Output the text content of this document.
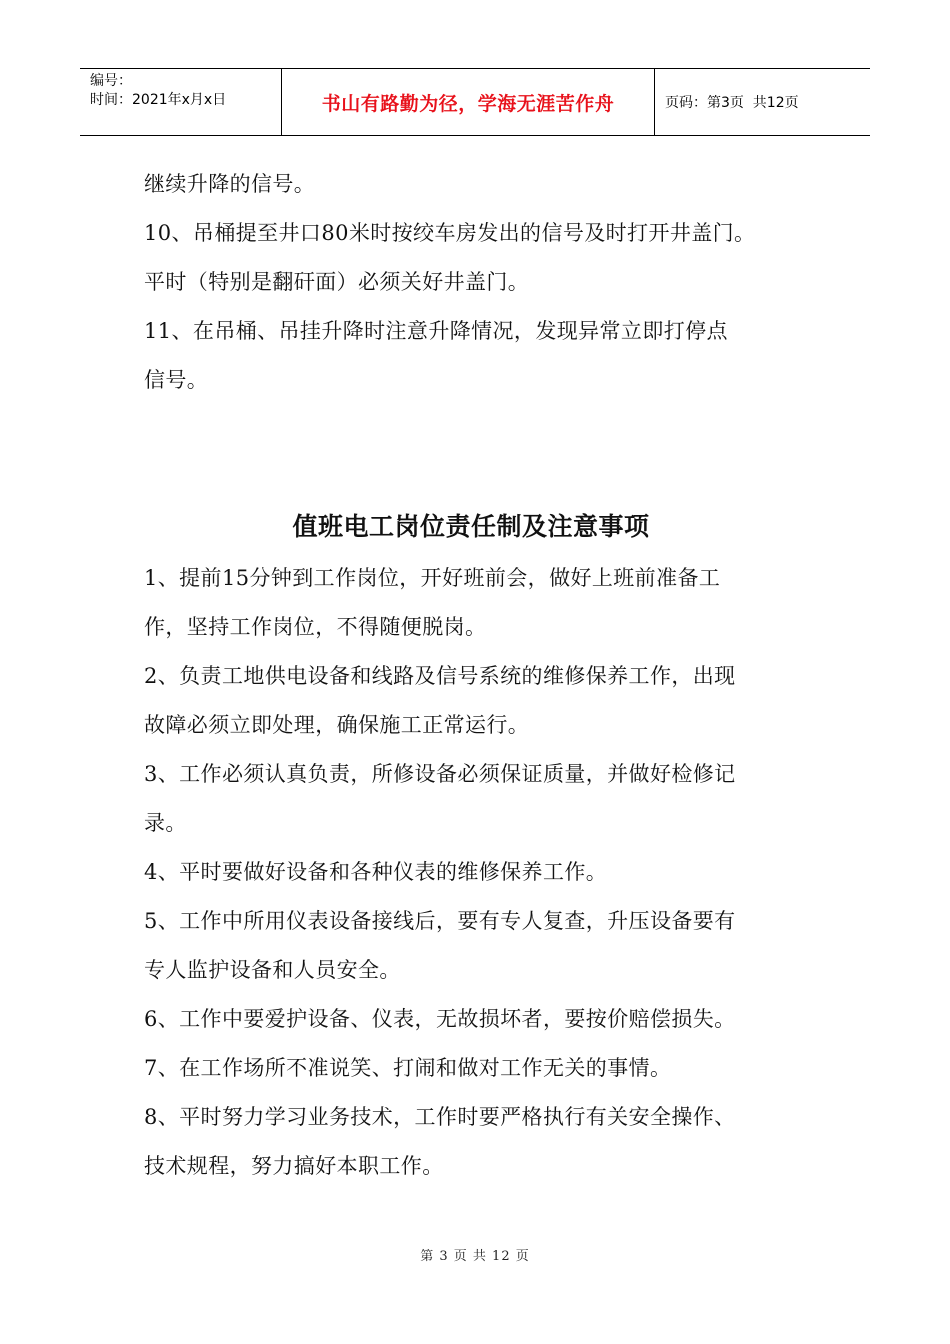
编号：
时间：2021年x月x日	书山有路勤为径，学海无涯苦作舟	页码：第3页  共12页
继续升降的信号。
10、吊桶提至井口80米时按绞车房发出的信号及时打开井盖门。
平时（特别是翻矸面）必须关好井盖门。
11、在吊桶、吊挂升降时注意升降情况，发现异常立即打停点
信号。
值班电工岗位责任制及注意事项
1、提前15分钟到工作岗位，开好班前会，做好上班前准备工
作，坚持工作岗位，不得随便脱岗。
2、负责工地供电设备和线路及信号系统的维修保养工作，出现
故障必须立即处理，确保施工正常运行。
3、工作必须认真负责，所修设备必须保证质量，并做好检修记
录。
4、平时要做好设备和各种仪表的维修保养工作。
5、工作中所用仪表设备接线后，要有专人复查，升压设备要有
专人监护设备和人员安全。
6、工作中要爱护设备、仪表，无故损坏者，要按价赔偿损失。
7、在工作场所不准说笑、打闹和做对工作无关的事情。
8、平时努力学习业务技术，工作时要严格执行有关安全操作、
技术规程，努力搞好本职工作。
第 3 页 共 12 页
